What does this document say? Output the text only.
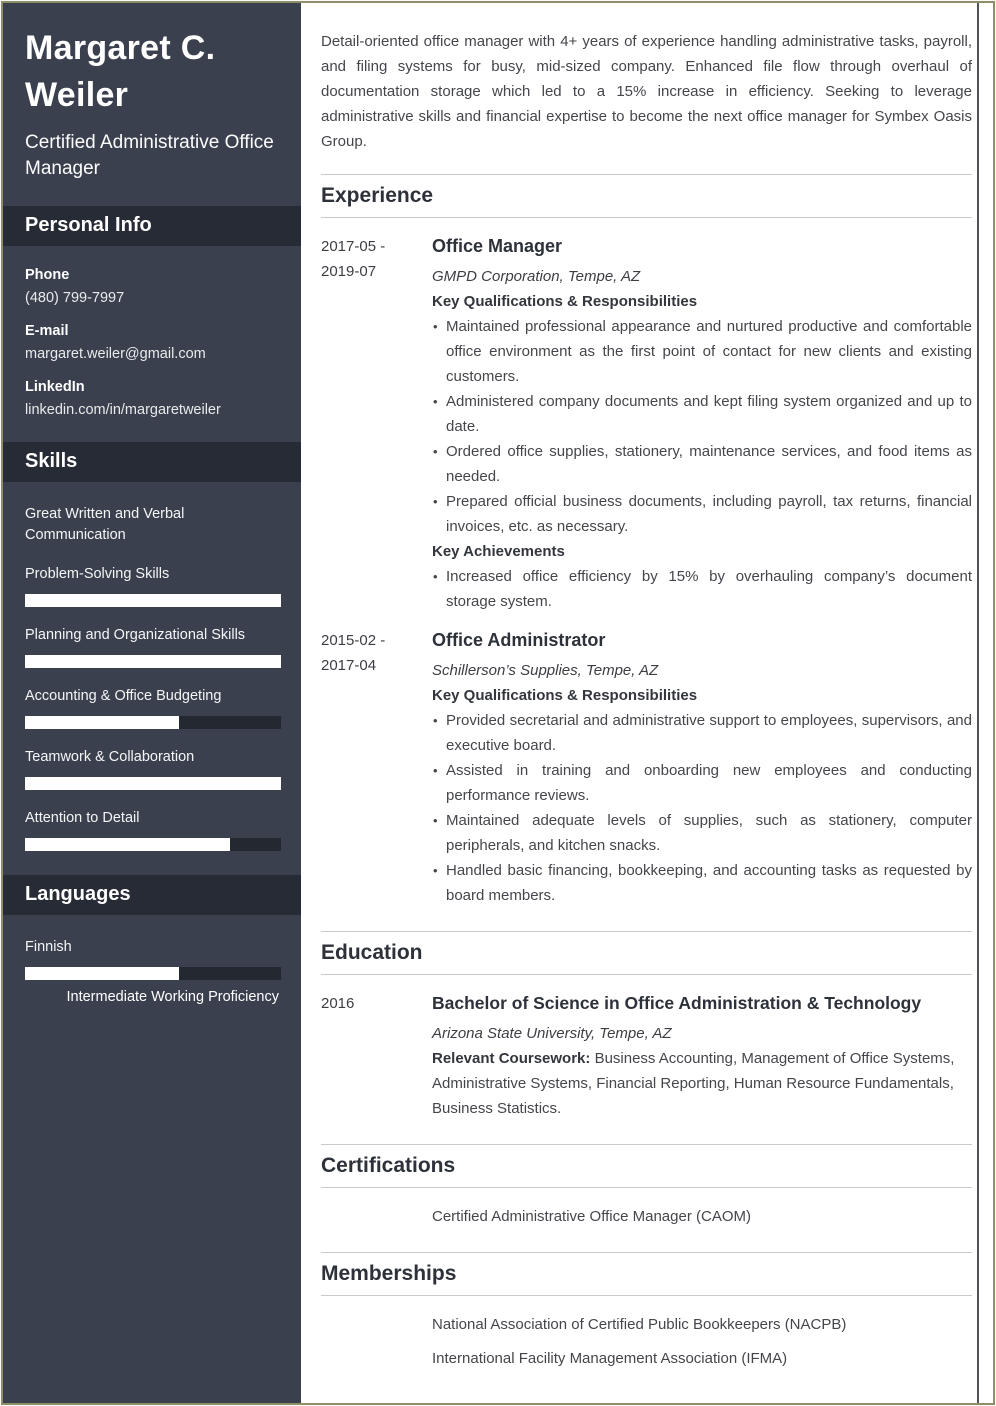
Margaret C. Weiler
Certified Administrative Office Manager
Personal Info
Phone
(480) 799-7997
E-mail
margaret.weiler@gmail.com
LinkedIn
linkedin.com/in/margaretweiler
Skills
Great Written and Verbal Communication
Problem-Solving Skills
Planning and Organizational Skills
Accounting & Office Budgeting
Teamwork & Collaboration
Attention to Detail
Languages
Finnish
Intermediate Working Proficiency

Detail-oriented office manager with 4+ years of experience handling administrative tasks, payroll, and filing systems for busy, mid-sized company. Enhanced file flow through overhaul of documentation storage which led to a 15% increase in efficiency. Seeking to leverage administrative skills and financial expertise to become the next office manager for Symbex Oasis Group.

Experience
2017-05 -
2019-07
Office Manager
GMPD Corporation, Tempe, AZ
Key Qualifications & Responsibilities
• Maintained professional appearance and nurtured productive and comfortable office environment as the first point of contact for new clients and existing customers.
• Administered company documents and kept filing system organized and up to date.
• Ordered office supplies, stationery, maintenance services, and food items as needed.
• Prepared official business documents, including payroll, tax returns, financial invoices, etc. as necessary.
Key Achievements
• Increased office efficiency by 15% by overhauling company’s document storage system.
2015-02 -
2017-04
Office Administrator
Schillerson’s Supplies, Tempe, AZ
Key Qualifications & Responsibilities
• Provided secretarial and administrative support to employees, supervisors, and executive board.
• Assisted in training and onboarding new employees and conducting performance reviews.
• Maintained adequate levels of supplies, such as stationery, computer peripherals, and kitchen snacks.
• Handled basic financing, bookkeeping, and accounting tasks as requested by board members.
Education
2016	Bachelor of Science in Office Administration & Technology
Arizona State University, Tempe, AZ
Relevant Coursework: Business Accounting, Management of Office Systems, Administrative Systems, Financial Reporting, Human Resource Fundamentals, Business Statistics.
Certifications
Certified Administrative Office Manager (CAOM)
Memberships
National Association of Certified Public Bookkeepers (NACPB)
International Facility Management Association (IFMA)
